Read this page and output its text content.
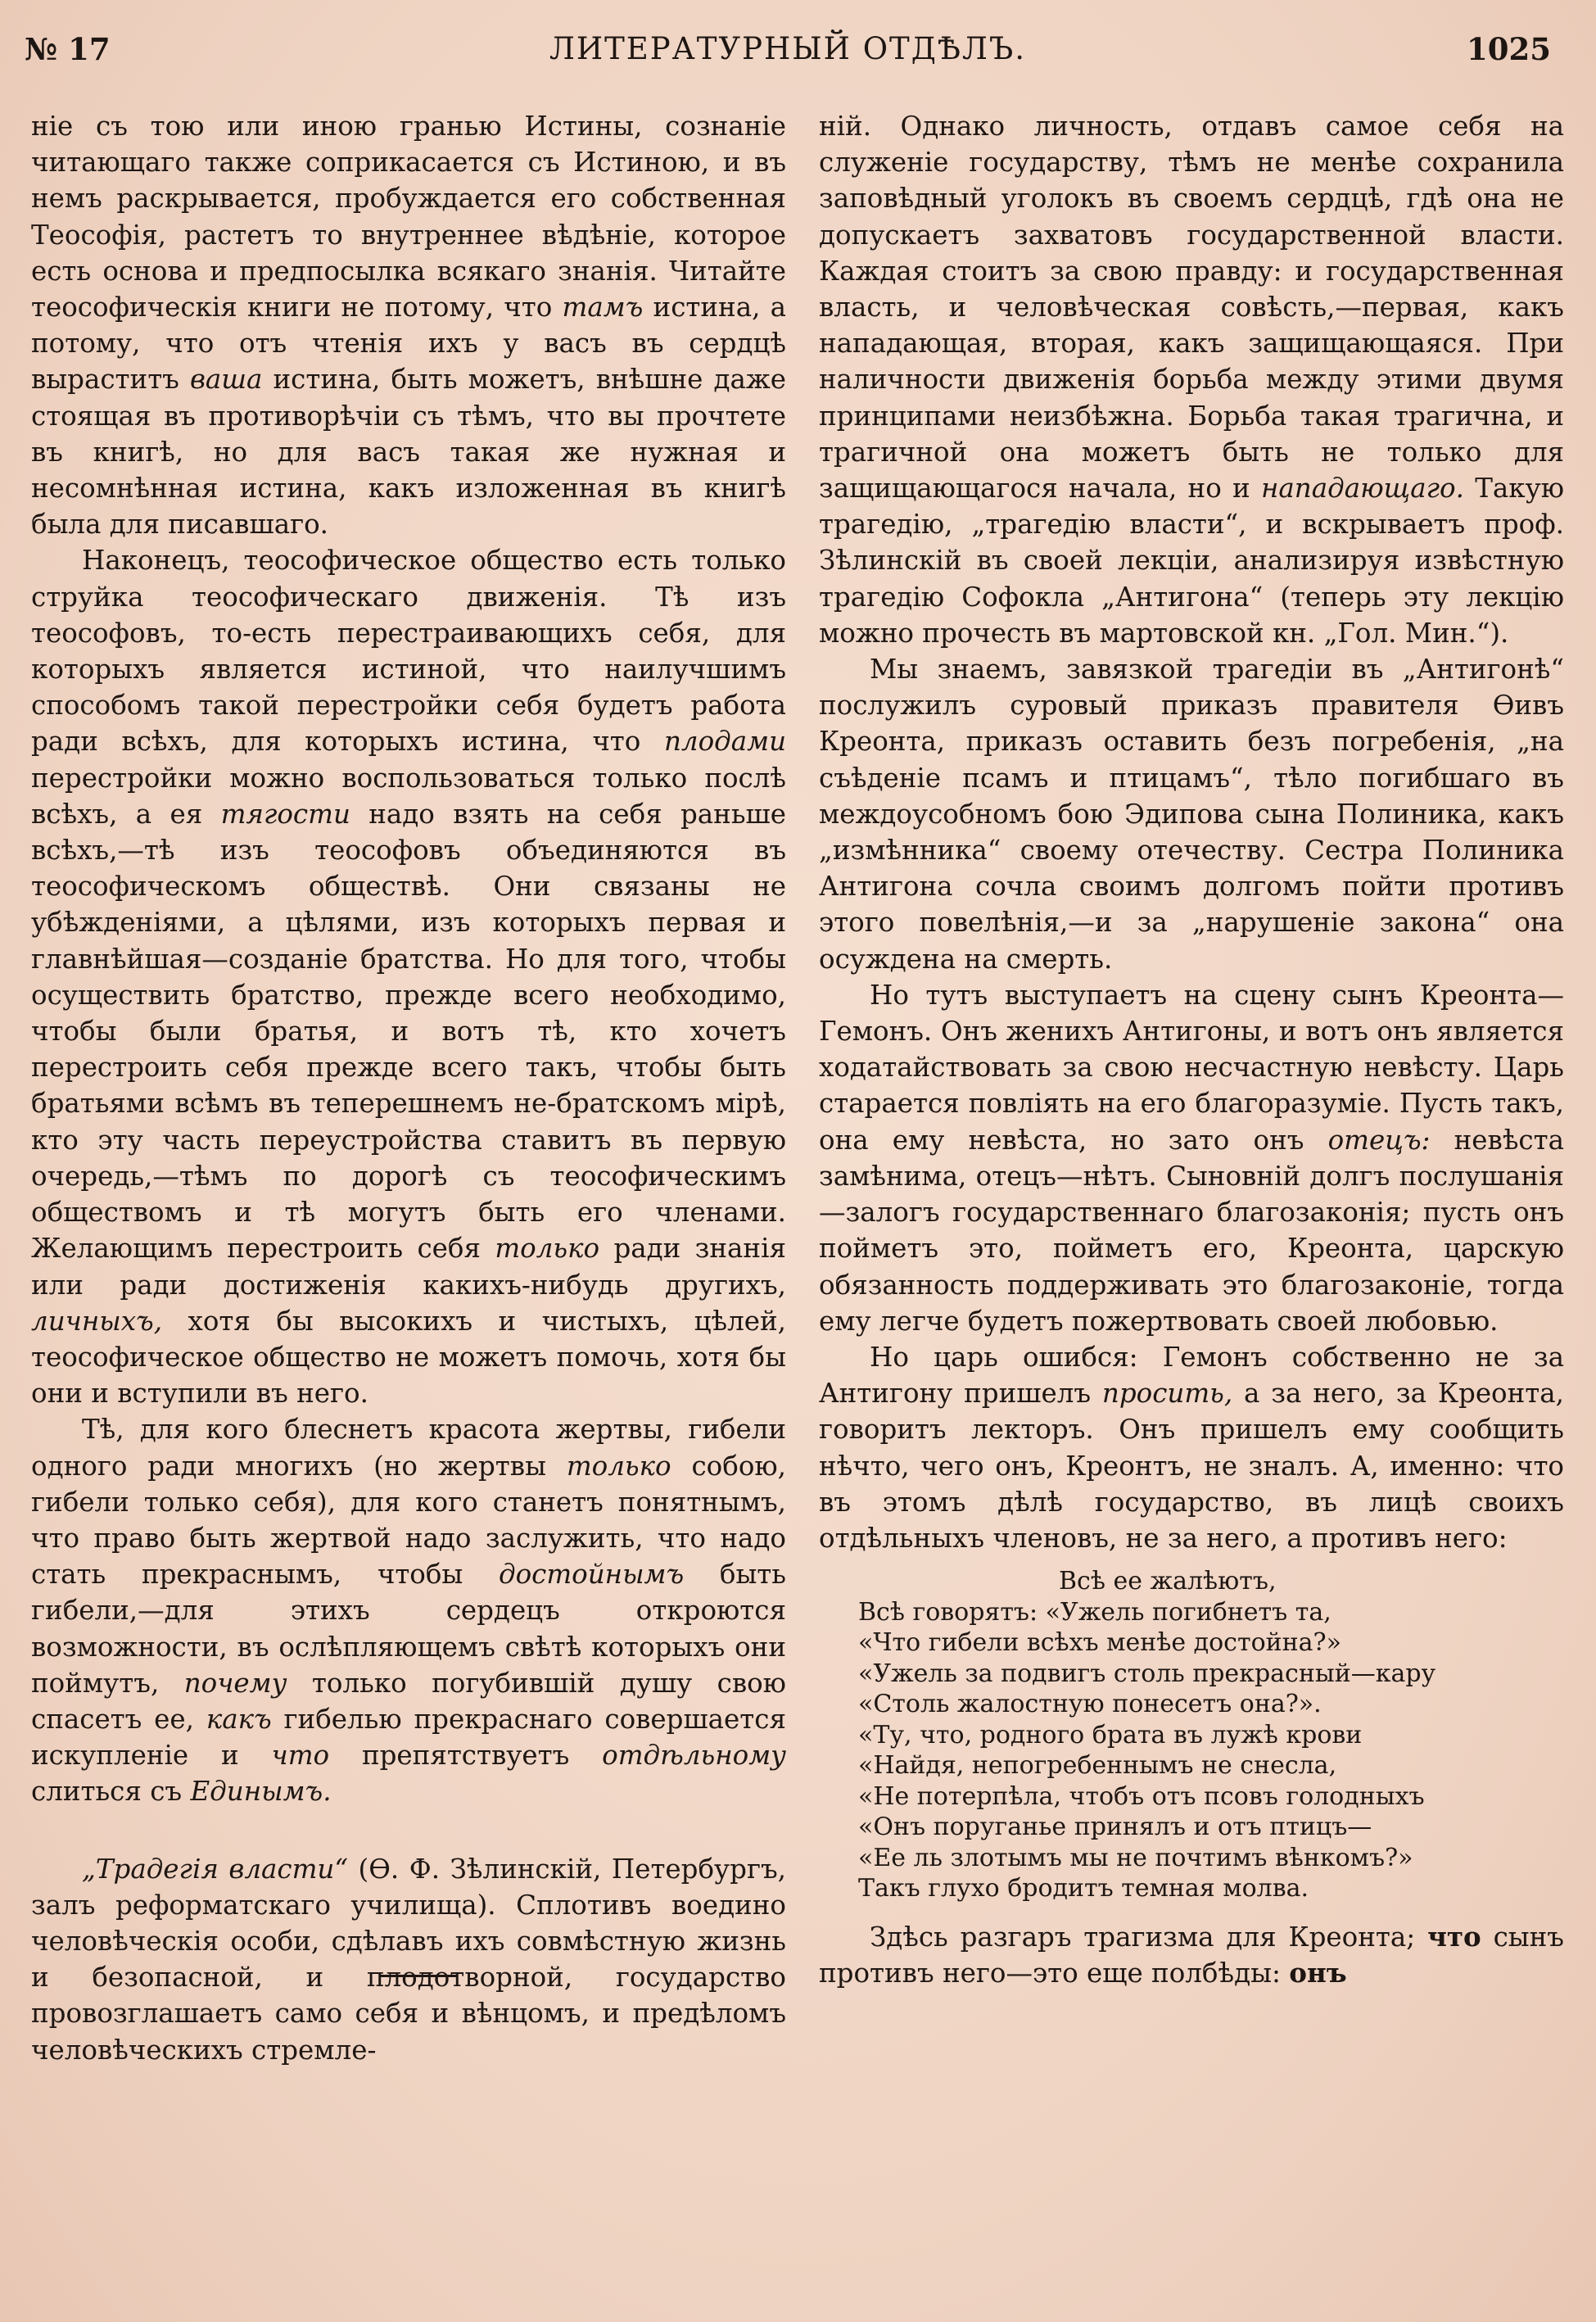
ЛИТЕРАТУРНЫЙ ОТДѢЛЪ.
№ 17	1025

ніе съ тою или иною гранью Истины, сознаніе читающаго также соприкасается съ Истиною, и въ немъ раскрывается, пробуждается его собственная Теософія, растетъ то внутреннее вѣдѣніе, которое есть основа и предпосылка всякаго знанія. Читайте теософическія книги не потому, что тамъ истина, а потому, что отъ чтенія ихъ у васъ въ сердцѣ выраститъ ваша истина, быть можетъ, внѣшне даже стоящая въ противорѣчіи съ тѣмъ, что вы прочтете въ книгѣ, но для васъ такая же нужная и несомнѣнная истина, какъ изложенная въ книгѣ была для писавшаго.

Наконецъ, теософическое общество есть только струйка теософическаго движенія. Тѣ изъ теософовъ, то-есть перестраивающихъ себя, для которыхъ является истиной, что наилучшимъ способомъ такой перестройки себя будетъ работа ради всѣхъ, для которыхъ истина, что плодами перестройки можно воспользоваться только послѣ всѣхъ, а ея тягости надо взять на себя раньше всѣхъ,—тѣ изъ теософовъ объединяются въ теософическомъ обществѣ. Они связаны не убѣжденіями, а цѣлями, изъ которыхъ первая и главнѣйшая—созданіе братства. Но для того, чтобы осуществить братство, прежде всего необходимо, чтобы были братья, и вотъ тѣ, кто хочетъ перестроить себя прежде всего такъ, чтобы быть братьями всѣмъ въ теперешнемъ не-братскомъ мірѣ, кто эту часть переустройства ставитъ въ первую очередь,—тѣмъ по дорогѣ съ теософическимъ обществомъ и тѣ могутъ быть его членами. Желающимъ перестроить себя только ради знанія или ради достиженія какихъ-нибудь другихъ, личныхъ, хотя бы высокихъ и чистыхъ, цѣлей, теософическое общество не можетъ помочь, хотя бы они и вступили въ него.

Тѣ, для кого блеснетъ красота жертвы, гибели одного ради многихъ (но жертвы только собою, гибели только себя), для кого станетъ понятнымъ, что право быть жертвой надо заслужить, что надо стать прекраснымъ, чтобы достойнымъ быть гибели,—для этихъ сердецъ откроются возможности, въ ослѣпляющемъ свѣтѣ которыхъ они поймутъ, почему только погубившій душу свою спасетъ ее, какъ гибелью прекраснаго совершается искупленіе и что препятствуетъ отдѣльному слиться съ Единымъ.

„Традегія власти“ (Ѳ. Ф. Зѣлинскій, Петербургъ, залъ реформатскаго училища). Сплотивъ воедино человѣческія особи, сдѣлавъ ихъ совмѣстную жизнь и безопасной, и плодотворной, государство провозглашаетъ само себя и вѣнцомъ, и предѣломъ человѣческихъ стремле-

ній. Однако личность, отдавъ самое себя на служеніе государству, тѣмъ не менѣе сохранила заповѣдный уголокъ въ своемъ сердцѣ, гдѣ она не допускаетъ захватовъ государственной власти. Каждая стоитъ за свою правду: и государственная власть, и человѣческая совѣсть,—первая, какъ нападающая, вторая, какъ защищающаяся. При наличности движенія борьба между этими двумя принципами неизбѣжна. Борьба такая трагична, и трагичной она можетъ быть не только для защищающагося начала, но и нападающаго. Такую трагедію, „трагедію власти“, и вскрываетъ проф. Зѣлинскій въ своей лекціи, анализируя извѣстную трагедію Софокла „Антигона“ (теперь эту лекцію можно прочесть въ мартовской кн. „Гол. Мин.“).

Мы знаемъ, завязкой трагедіи въ „Антигонѣ“ послужилъ суровый приказъ правителя Ѳивъ Креонта, приказъ оставить безъ погребенія, „на съѣденіе псамъ и птицамъ“, тѣло погибшаго въ междоусобномъ бою Эдипова сына Полиника, какъ „измѣнника“ своему отечеству. Сестра Полиника Антигона сочла своимъ долгомъ пойти противъ этого повелѣнія,—и за „нарушеніе закона“ она осуждена на смерть.

Но тутъ выступаетъ на сцену сынъ Креонта—Гемонъ. Онъ женихъ Антигоны, и вотъ онъ является ходатайствовать за свою несчастную невѣсту. Царь старается повліять на его благоразуміе. Пусть такъ, она ему невѣста, но зато онъ отецъ: невѣста замѣнима, отецъ—нѣтъ. Сыновній долгъ послушанія—залогъ государственнаго благозаконія; пусть онъ пойметъ это, пойметъ его, Креонта, царскую обязанность поддерживать это благозаконіе, тогда ему легче будетъ пожертвовать своей любовью.

Но царь ошибся: Гемонъ собственно не за Антигону пришелъ просить, а за него, за Креонта, говоритъ лекторъ. Онъ пришелъ ему сообщить нѣчто, чего онъ, Креонтъ, не зналъ. А, именно: что въ этомъ дѣлѣ государство, въ лицѣ своихъ отдѣльныхъ членовъ, не за него, а противъ него:

Всѣ ее жалѣютъ,
Всѣ говорятъ: «Ужель погибнетъ та,
«Что гибели всѣхъ менѣе достойна?»
«Ужель за подвигъ столь прекрасный—кару
«Столь жалостную понесетъ она?».
«Ту, что, родного брата въ лужѣ крови
«Найдя, непогребеннымъ не снесла,
«Не потерпѣла, чтобъ отъ псовъ голодныхъ
«Онъ поруганье принялъ и отъ птицъ—
«Ее ль злотымъ мы не почтимъ вѣнкомъ?»
Такъ глухо бродитъ темная молва.

Здѣсь разгаръ трагизма для Креонта; что сынъ противъ него—это еще полбѣды: онъ
